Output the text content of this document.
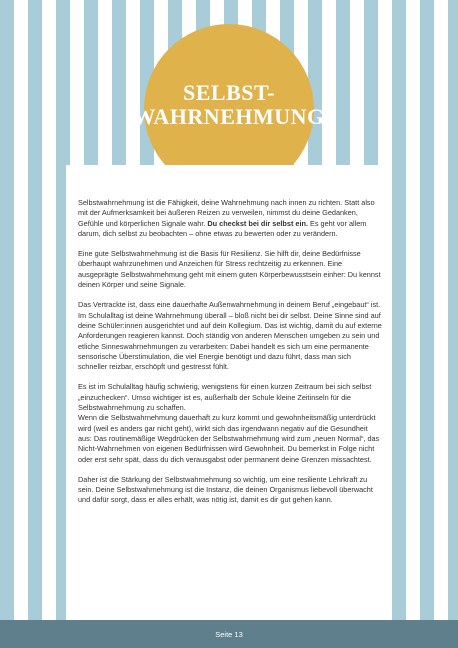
SELBST-
WAHRNEHMUNG

Selbstwahrnehmung ist die Fähigkeit, deine Wahrnehmung nach innen zu richten. Statt also mit der Aufmerksamkeit bei äußeren Reizen zu verweilen, nimmst du deine Gedanken, Gefühle und körperlichen Signale wahr. Du checkst bei dir selbst ein. Es geht vor allem darum, dich selbst zu beobachten – ohne etwas zu bewerten oder zu verändern.

Eine gute Selbstwahrnehmung ist die Basis für Resilienz. Sie hilft dir, deine Bedürfnisse überhaupt wahrzunehmen und Anzeichen für Stress rechtzeitig zu erkennen. Eine ausgeprägte Selbstwahrnehmung geht mit einem guten Körperbewusstsein einher: Du kennst deinen Körper und seine Signale.

Das Vertrackte ist, dass eine dauerhafte Außenwahrnehmung in deinem Beruf „eingebaut“ ist. Im Schulalltag ist deine Wahrnehmung überall – bloß nicht bei dir selbst. Deine Sinne sind auf deine Schüler:innen ausgerichtet und auf dein Kollegium. Das ist wichtig, damit du auf externe Anforderungen reagieren kannst. Doch ständig von anderen Menschen umgeben zu sein und etliche Sinneswahrnehmungen zu verarbeiten: Dabei handelt es sich um eine permanente sensorische Überstimulation, die viel Energie benötigt und dazu führt, dass man sich schneller reizbar, erschöpft und gestresst fühlt.

Es ist im Schulalltag häufig schwierig, wenigstens für einen kurzen Zeitraum bei sich selbst „einzuchecken“. Umso wichtiger ist es, außerhalb der Schule kleine Zeitinseln für die Selbstwahrnehmung zu schaffen.

Wenn die Selbstwahrnehmung dauerhaft zu kurz kommt und gewohnheitsmäßig unterdrückt wird (weil es anders gar nicht geht), wirkt sich das irgendwann negativ auf die Gesundheit aus: Das routinemäßige Wegdrücken der Selbstwahrnehmung wird zum „neuen Normal“, das Nicht-Wahrnehmen von eigenen Bedürfnissen wird Gewohnheit. Du bemerkst in Folge nicht oder erst sehr spät, dass du dich verausgabst oder permanent deine Grenzen missachtest.

Daher ist die Stärkung der Selbstwahrnehmung so wichtig, um eine resiliente Lehrkraft zu sein. Deine Selbstwahrnehmung ist die Instanz, die deinen Organismus liebevoll überwacht und dafür sorgt, dass er alles erhält, was nötig ist, damit es dir gut gehen kann.

Seite 13
